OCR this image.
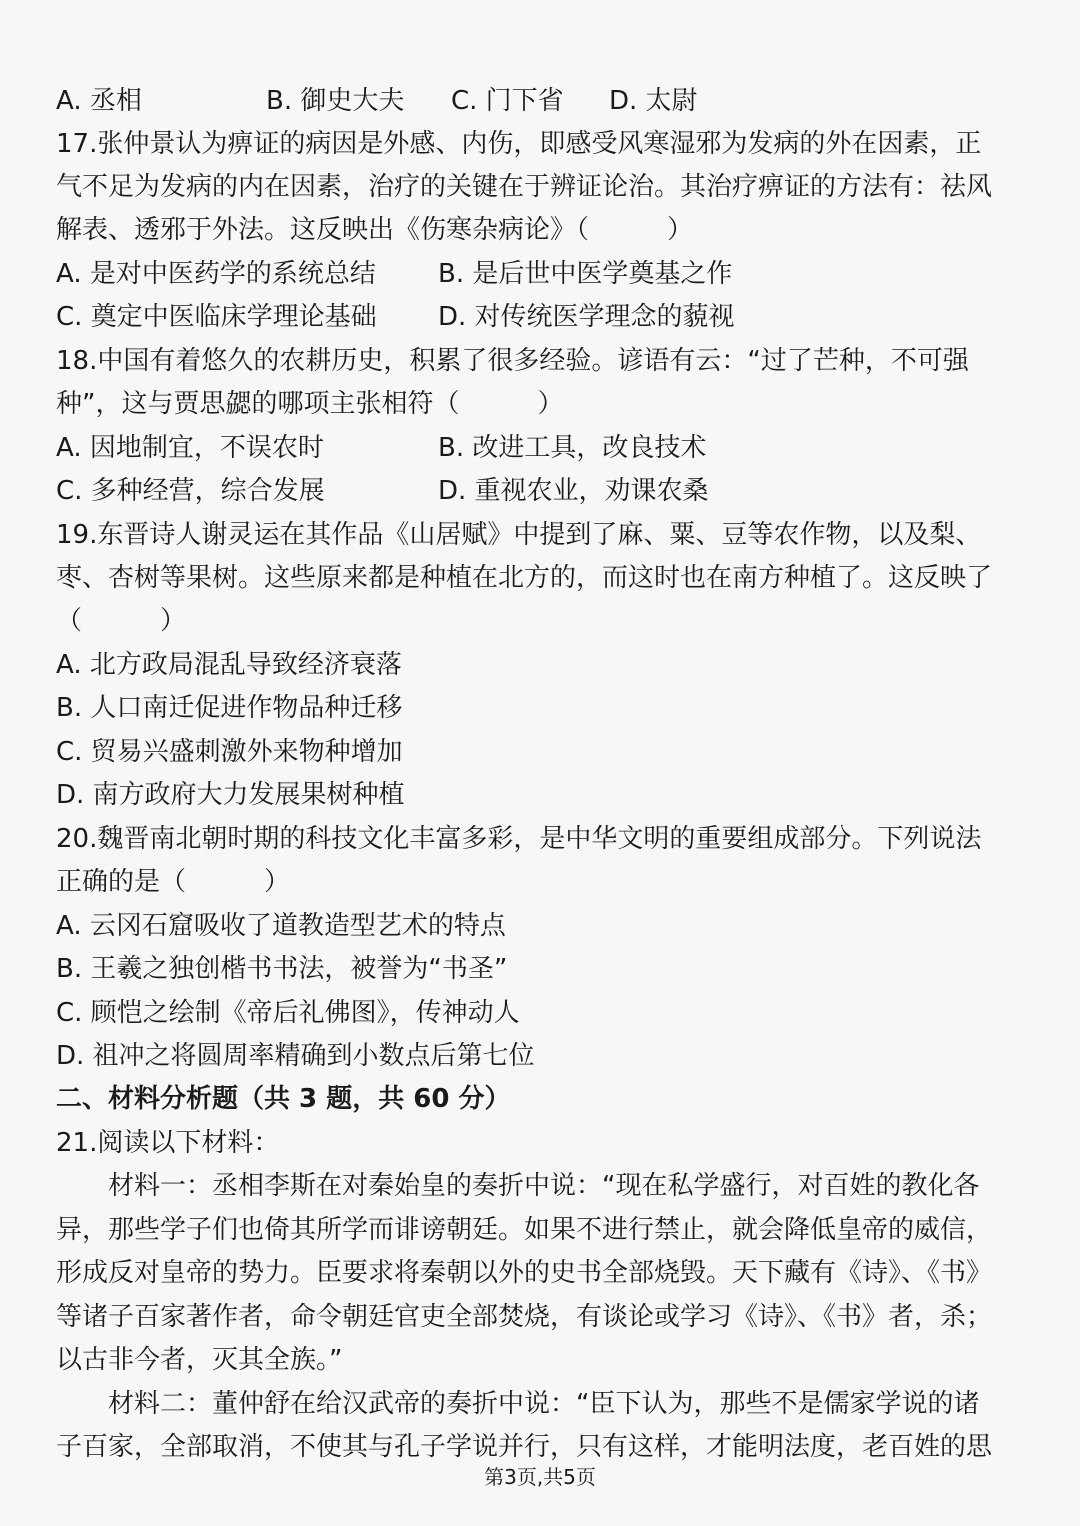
A. 丞相	B. 御史大夫	C. 门下省	D. 太尉
17.张仲景认为痹证的病因是外感、内伤，即感受风寒湿邪为发病的外在因素，正
气不足为发病的内在因素，治疗的关键在于辨证论治。其治疗痹证的方法有：祛风
解表、透邪于外法。这反映出《伤寒杂病论》（　　　）
A. 是对中医药学的系统总结	B. 是后世中医学奠基之作
C. 奠定中医临床学理论基础	D. 对传统医学理念的藐视
18.中国有着悠久的农耕历史，积累了很多经验。谚语有云：“过了芒种，不可强
种”，这与贾思勰的哪项主张相符（　　　）
A. 因地制宜，不误农时	B. 改进工具，改良技术
C. 多种经营，综合发展	D. 重视农业，劝课农桑
19.东晋诗人谢灵运在其作品《山居赋》中提到了麻、粟、豆等农作物，以及梨、
枣、杏树等果树。这些原来都是种植在北方的，而这时也在南方种植了。这反映了
（　　　）
A. 北方政局混乱导致经济衰落
B. 人口南迁促进作物品种迁移
C. 贸易兴盛刺激外来物种增加
D. 南方政府大力发展果树种植
20.魏晋南北朝时期的科技文化丰富多彩，是中华文明的重要组成部分。下列说法
正确的是（　　　）
A. 云冈石窟吸收了道教造型艺术的特点
B. 王羲之独创楷书书法，被誉为“书圣”
C. 顾恺之绘制《帝后礼佛图》，传神动人
D. 祖冲之将圆周率精确到小数点后第七位
二、材料分析题（共 3 题，共 60 分）
21.阅读以下材料：
材料一：丞相李斯在对秦始皇的奏折中说：“现在私学盛行，对百姓的教化各
异，那些学子们也倚其所学而诽谤朝廷。如果不进行禁止，就会降低皇帝的威信，
形成反对皇帝的势力。臣要求将秦朝以外的史书全部烧毁。天下藏有《诗》、《书》
等诸子百家著作者，命令朝廷官吏全部焚烧，有谈论或学习《诗》、《书》者，杀；
以古非今者，灭其全族。”
材料二：董仲舒在给汉武帝的奏折中说：“臣下认为，那些不是儒家学说的诸
子百家，全部取消，不使其与孔子学说并行，只有这样，才能明法度，老百姓的思
第3页,共5页
